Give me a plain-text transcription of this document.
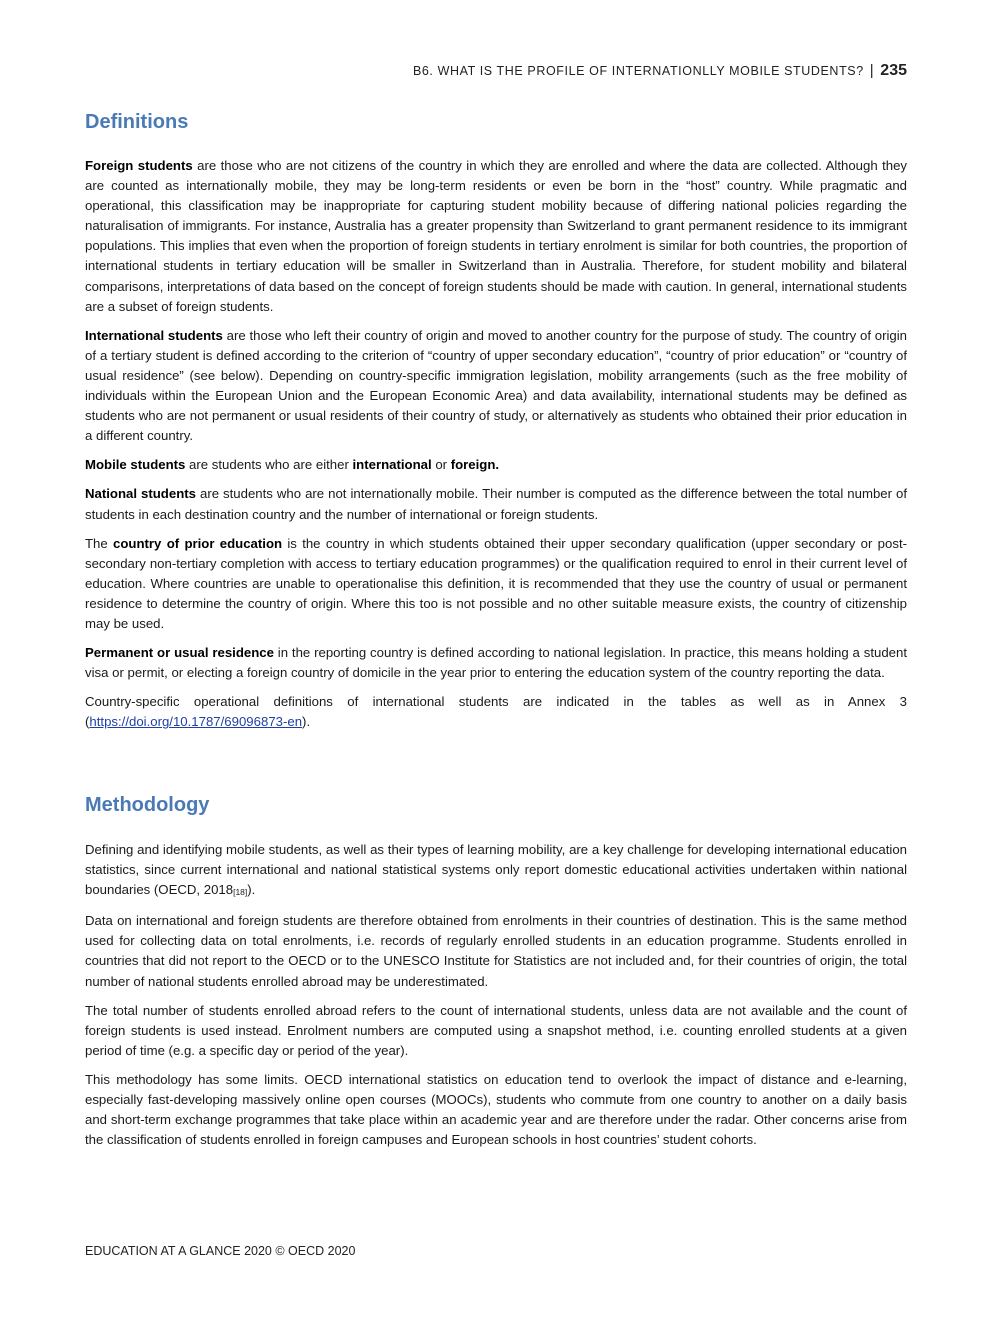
B6. WHAT IS THE PROFILE OF INTERNATIONLLY MOBILE STUDENTS? | 235
Definitions

Foreign students are those who are not citizens of the country in which they are enrolled and where the data are collected. Although they are counted as internationally mobile, they may be long-term residents or even be born in the “host” country. While pragmatic and operational, this classification may be inappropriate for capturing student mobility because of differing national policies regarding the naturalisation of immigrants. For instance, Australia has a greater propensity than Switzerland to grant permanent residence to its immigrant populations. This implies that even when the proportion of foreign students in tertiary enrolment is similar for both countries, the proportion of international students in tertiary education will be smaller in Switzerland than in Australia. Therefore, for student mobility and bilateral comparisons, interpretations of data based on the concept of foreign students should be made with caution. In general, international students are a subset of foreign students.

International students are those who left their country of origin and moved to another country for the purpose of study. The country of origin of a tertiary student is defined according to the criterion of “country of upper secondary education”, “country of prior education” or “country of usual residence” (see below). Depending on country-specific immigration legislation, mobility arrangements (such as the free mobility of individuals within the European Union and the European Economic Area) and data availability, international students may be defined as students who are not permanent or usual residents of their country of study, or alternatively as students who obtained their prior education in a different country.

Mobile students are students who are either international or foreign.

National students are students who are not internationally mobile. Their number is computed as the difference between the total number of students in each destination country and the number of international or foreign students.

The country of prior education is the country in which students obtained their upper secondary qualification (upper secondary or post-secondary non-tertiary completion with access to tertiary education programmes) or the qualification required to enrol in their current level of education. Where countries are unable to operationalise this definition, it is recommended that they use the country of usual or permanent residence to determine the country of origin. Where this too is not possible and no other suitable measure exists, the country of citizenship may be used.

Permanent or usual residence in the reporting country is defined according to national legislation. In practice, this means holding a student visa or permit, or electing a foreign country of domicile in the year prior to entering the education system of the country reporting the data.

Country-specific operational definitions of international students are indicated in the tables as well as in Annex 3 (https://doi.org/10.1787/69096873-en).

Methodology

Defining and identifying mobile students, as well as their types of learning mobility, are a key challenge for developing international education statistics, since current international and national statistical systems only report domestic educational activities undertaken within national boundaries (OECD, $2018_{[18]}$).

Data on international and foreign students are therefore obtained from enrolments in their countries of destination. This is the same method used for collecting data on total enrolments, i.e. records of regularly enrolled students in an education programme. Students enrolled in countries that did not report to the OECD or to the UNESCO Institute for Statistics are not included and, for their countries of origin, the total number of national students enrolled abroad may be underestimated.

The total number of students enrolled abroad refers to the count of international students, unless data are not available and the count of foreign students is used instead. Enrolment numbers are computed using a snapshot method, i.e. counting enrolled students at a given period of time (e.g. a specific day or period of the year).

This methodology has some limits. OECD international statistics on education tend to overlook the impact of distance and e-learning, especially fast-developing massively online open courses (MOOCs), students who commute from one country to another on a daily basis and short-term exchange programmes that take place within an academic year and are therefore under the radar. Other concerns arise from the classification of students enrolled in foreign campuses and European schools in host countries’ student cohorts.

EDUCATION AT A GLANCE 2020 © OECD 2020
